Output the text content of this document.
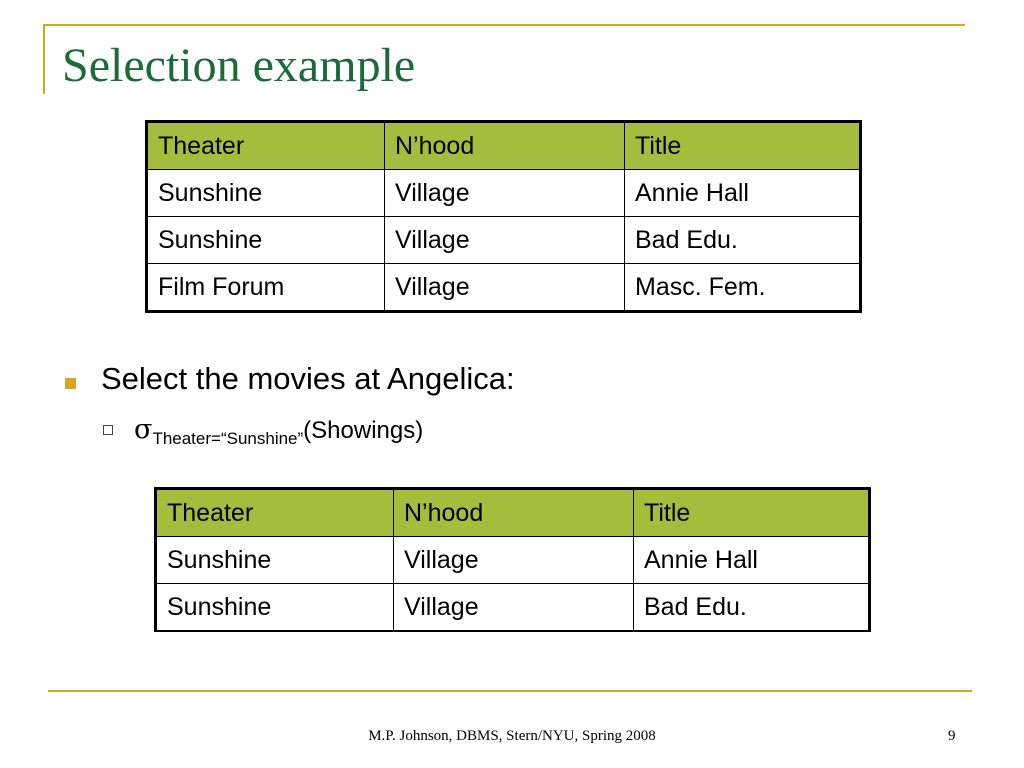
Selection example
Theater	N’hood	Title
Sunshine	Village	Annie Hall
Sunshine	Village	Bad Edu.
Film Forum	Village	Masc. Fem.
Select the movies at Angelica:
$\sigma_{Theater=“Sunshine”}(Showings)$
Theater	N’hood	Title
Sunshine	Village	Annie Hall
Sunshine	Village	Bad Edu.
M.P. Johnson, DBMS, Stern/NYU, Spring 2008	9
